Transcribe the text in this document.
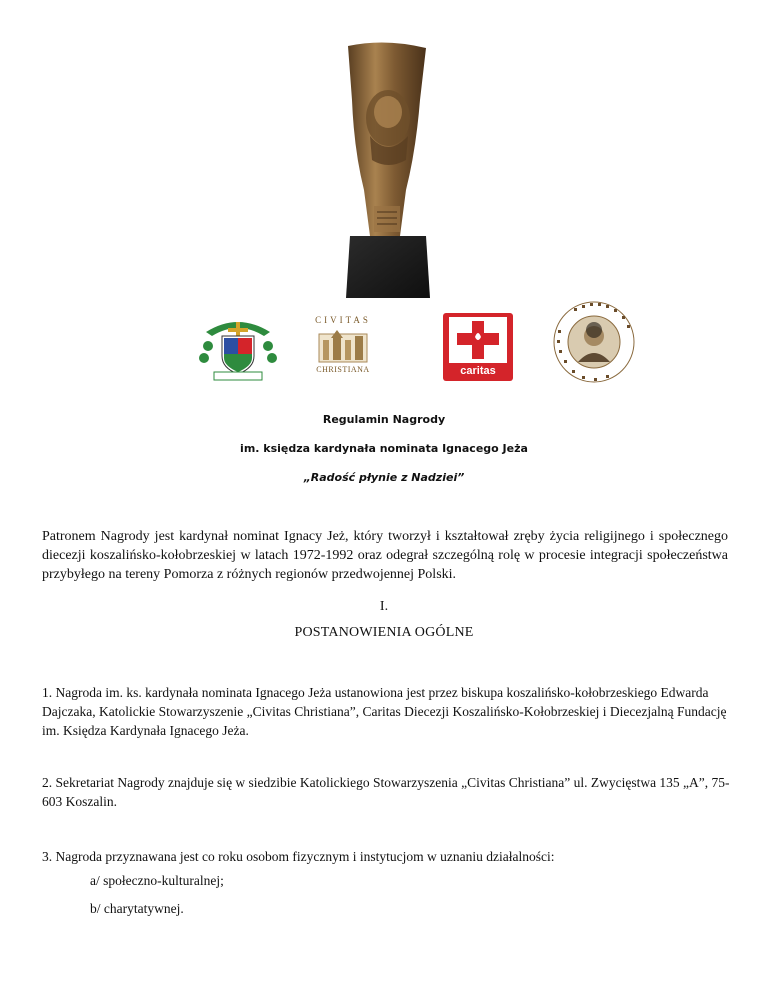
CIVITAS
CHRISTIANA	caritas
Regulamin Nagrody
im. księdza kardynała nominata Ignacego Jeża
„Radość płynie z Nadziei”
Patronem Nagrody jest kardynał nominat Ignacy Jeż, który tworzył i kształtował zręby życia religijnego i społecznego diecezji koszalińsko-kołobrzeskiej w latach 1972-1992 oraz odegrał szczególną rolę w procesie integracji społeczeństwa przybyłego na tereny Pomorza z różnych regionów przedwojennej Polski.
I.
POSTANOWIENIA OGÓLNE
1. Nagroda im. ks. kardynała nominata Ignacego Jeża ustanowiona jest przez biskupa koszalińsko-kołobrzeskiego Edwarda Dajczaka, Katolickie Stowarzyszenie „Civitas Christiana”, Caritas Diecezji Koszalińsko-Kołobrzeskiej i Diecezjalną Fundację im. Księdza Kardynała Ignacego Jeża.
2. Sekretariat Nagrody znajduje się w siedzibie Katolickiego Stowarzyszenia „Civitas Christiana” ul. Zwycięstwa 135 „A”, 75-603 Koszalin.
3. Nagroda przyznawana jest co roku osobom fizycznym i instytucjom w uznaniu działalności:
a/ społeczno-kulturalnej;
b/ charytatywnej.
